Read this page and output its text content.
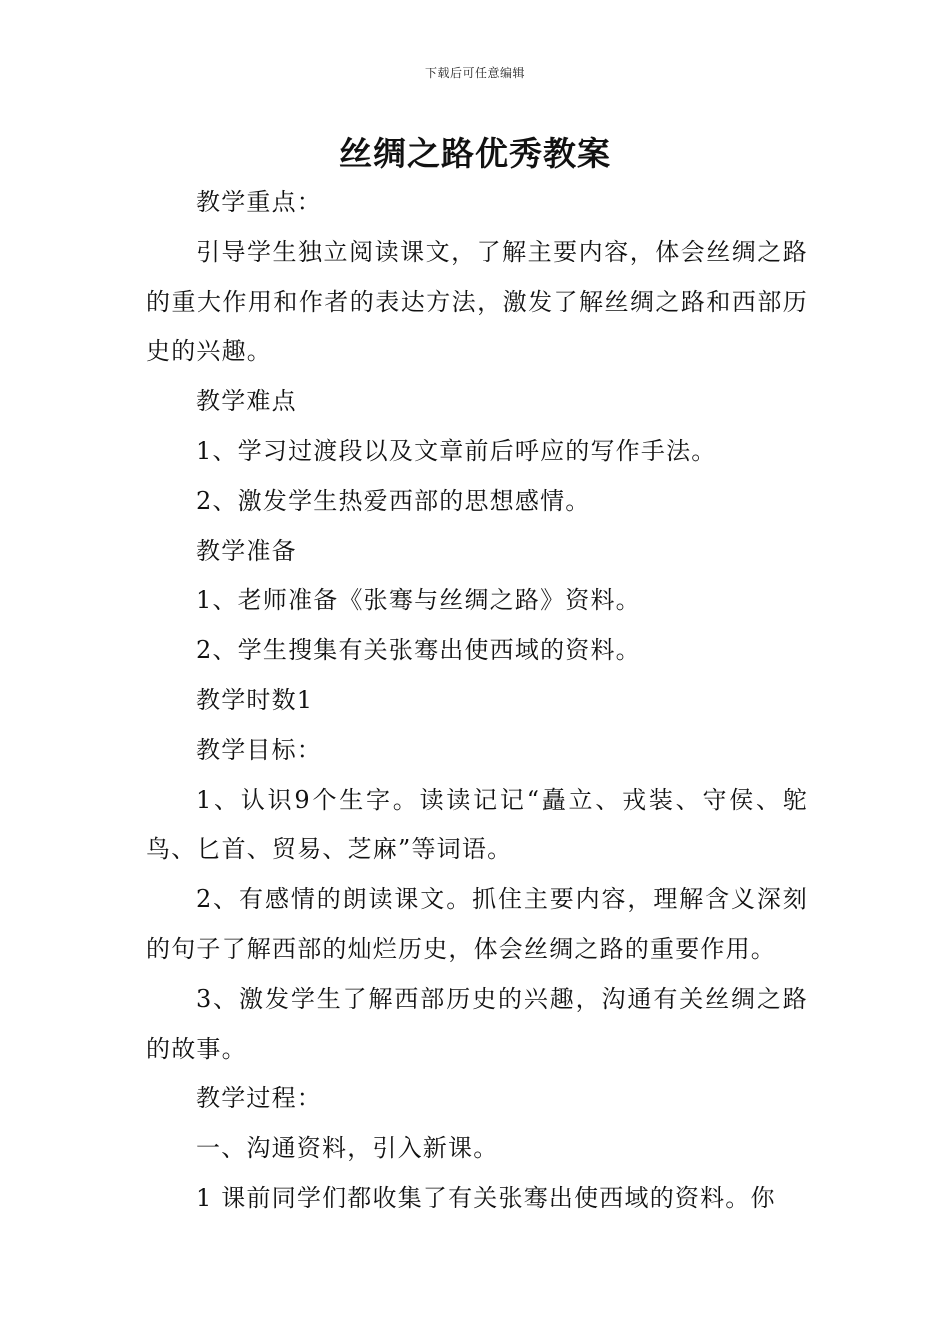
下载后可任意编辑
丝绸之路优秀教案

教学重点：

引导学生独立阅读课文，了解主要内容，体会丝绸之路的重大作用和作者的表达方法，激发了解丝绸之路和西部历史的兴趣。

教学难点

1、学习过渡段以及文章前后呼应的写作手法。

2、激发学生热爱西部的思想感情。

教学准备

1、老师准备《张骞与丝绸之路》资料。

2、学生搜集有关张骞出使西域的资料。

教学时数1

教学目标：

1、认识9个生字。读读记记“矗立、戎装、守侯、鸵鸟、匕首、贸易、芝麻”等词语。

2、有感情的朗读课文。抓住主要内容，理解含义深刻的句子了解西部的灿烂历史，体会丝绸之路的重要作用。

3、激发学生了解西部历史的兴趣，沟通有关丝绸之路的故事。

教学过程：

一、沟通资料，引入新课。

1 课前同学们都收集了有关张骞出使西域的资料。你
